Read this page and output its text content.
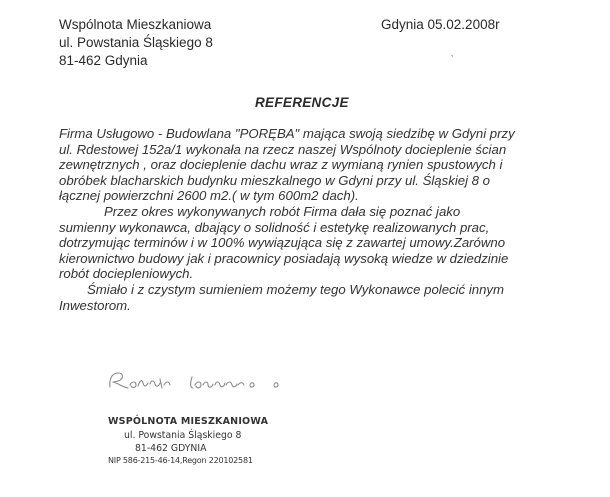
Wspólnota Mieszkaniowa
ul. Powstania Śląskiego 8
81-462 Gdynia
Gdynia 05.02.2008r
‚
REFERENCJE
Firma Usługowo - Budowlana "PORĘBA" mająca swoją siedzibę w Gdyni przy
ul. Rdestowej 152a/1 wykonała na rzecz naszej Wspólnoty docieplenie ścian
zewnętrznych , oraz docieplenie dachu wraz z wymianą rynien spustowych i
obróbek blacharskich budynku mieszkalnego w Gdyni przy ul. Śląskiej 8 o
łącznej powierzchni 2600 m2.( w tym 600m2 dach).
Przez okres wykonywanych robót Firma dała się poznać jako
sumienny wykonawca, dbający o solidność i estetykę realizowanych prac,
dotrzymując terminów i w 100% wywiązująca się z zawartej umowy.Zarówno
kierownictwo budowy jak i pracownicy posiadają wysoką wiedze w dziedzinie
robót dociepleniowych.
Śmiało i z czystym sumieniem możemy tego Wykonawce polecić innym
Inwestorom.
WSPÓLNOTA MIESZKANIOWA
ul. Powstania Śląskiego 8
81-462 GDYNIA
NIP 586-215-46-14,Regon 220102581
